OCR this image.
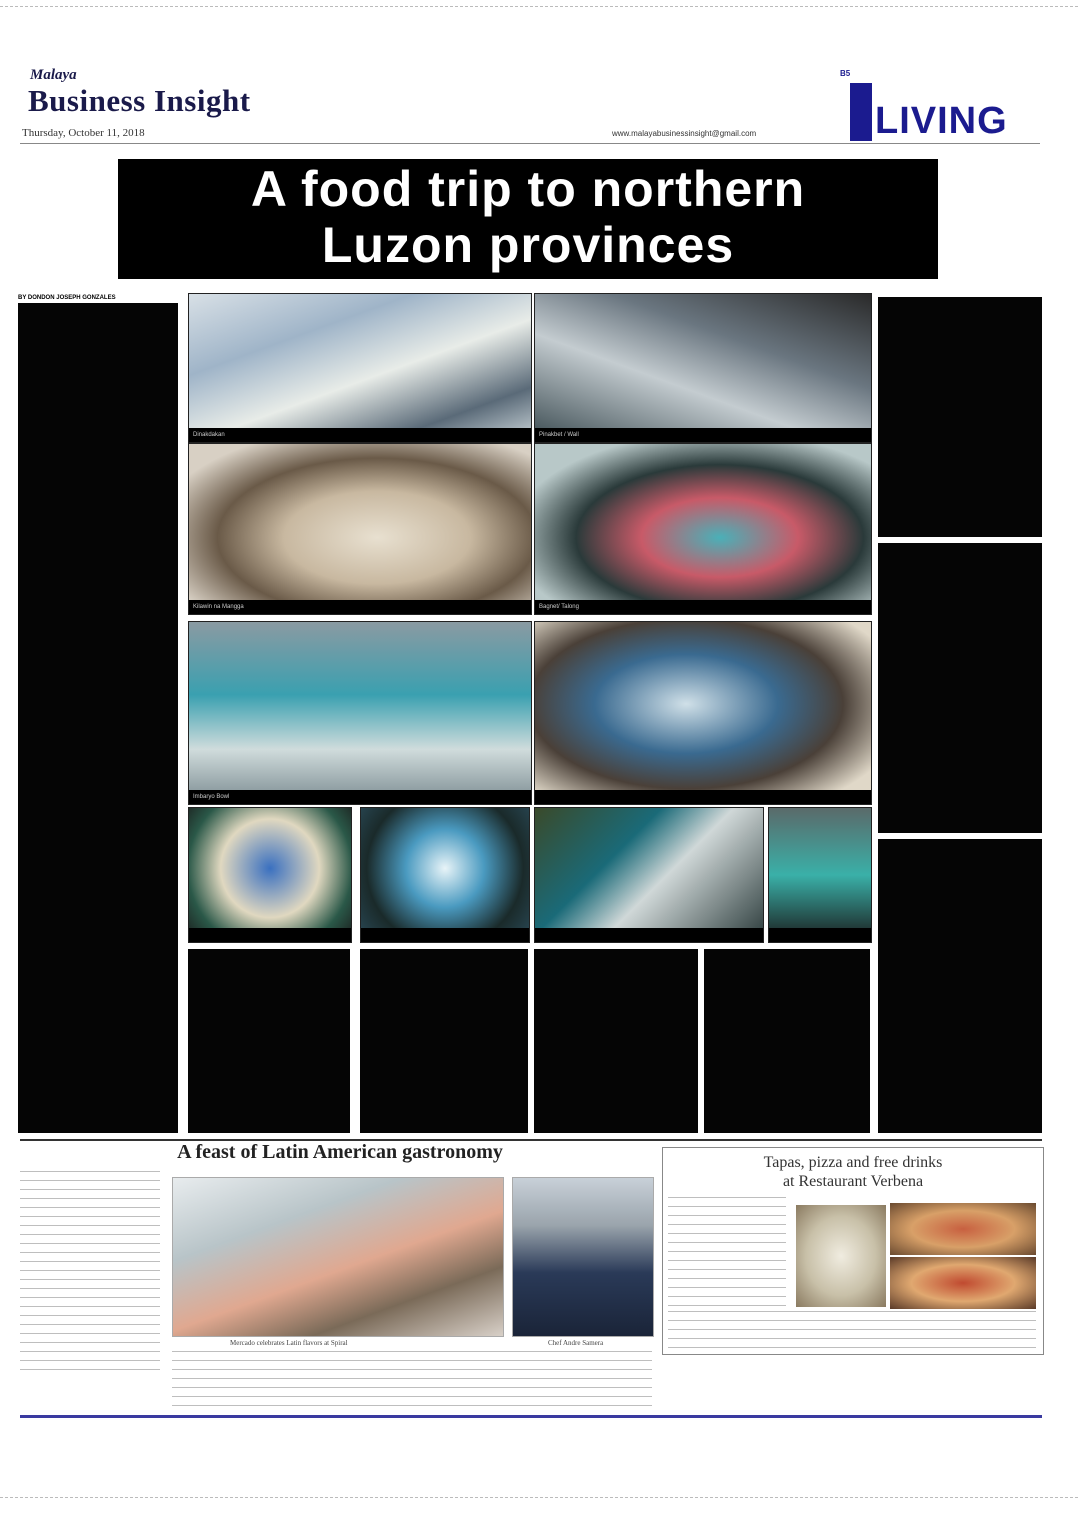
Malaya
Business Insight
Thursday, October 11, 2018	www.malayabusinessinsight@gmail.com
B5
LIVING
A food trip to northern
Luzon provinces
BY DONDON JOSEPH GONZALES
Dinakdakan	Pinakbet / Wall
Kilawin na Mangga	Bagnet/ Talong
Imbaryo Bowl
A feast of Latin American gastronomy
Mercado celebrates Latin flavors at Spiral	Chef Andre Samera
Tapas, pizza and free drinks
at Restaurant Verbena
